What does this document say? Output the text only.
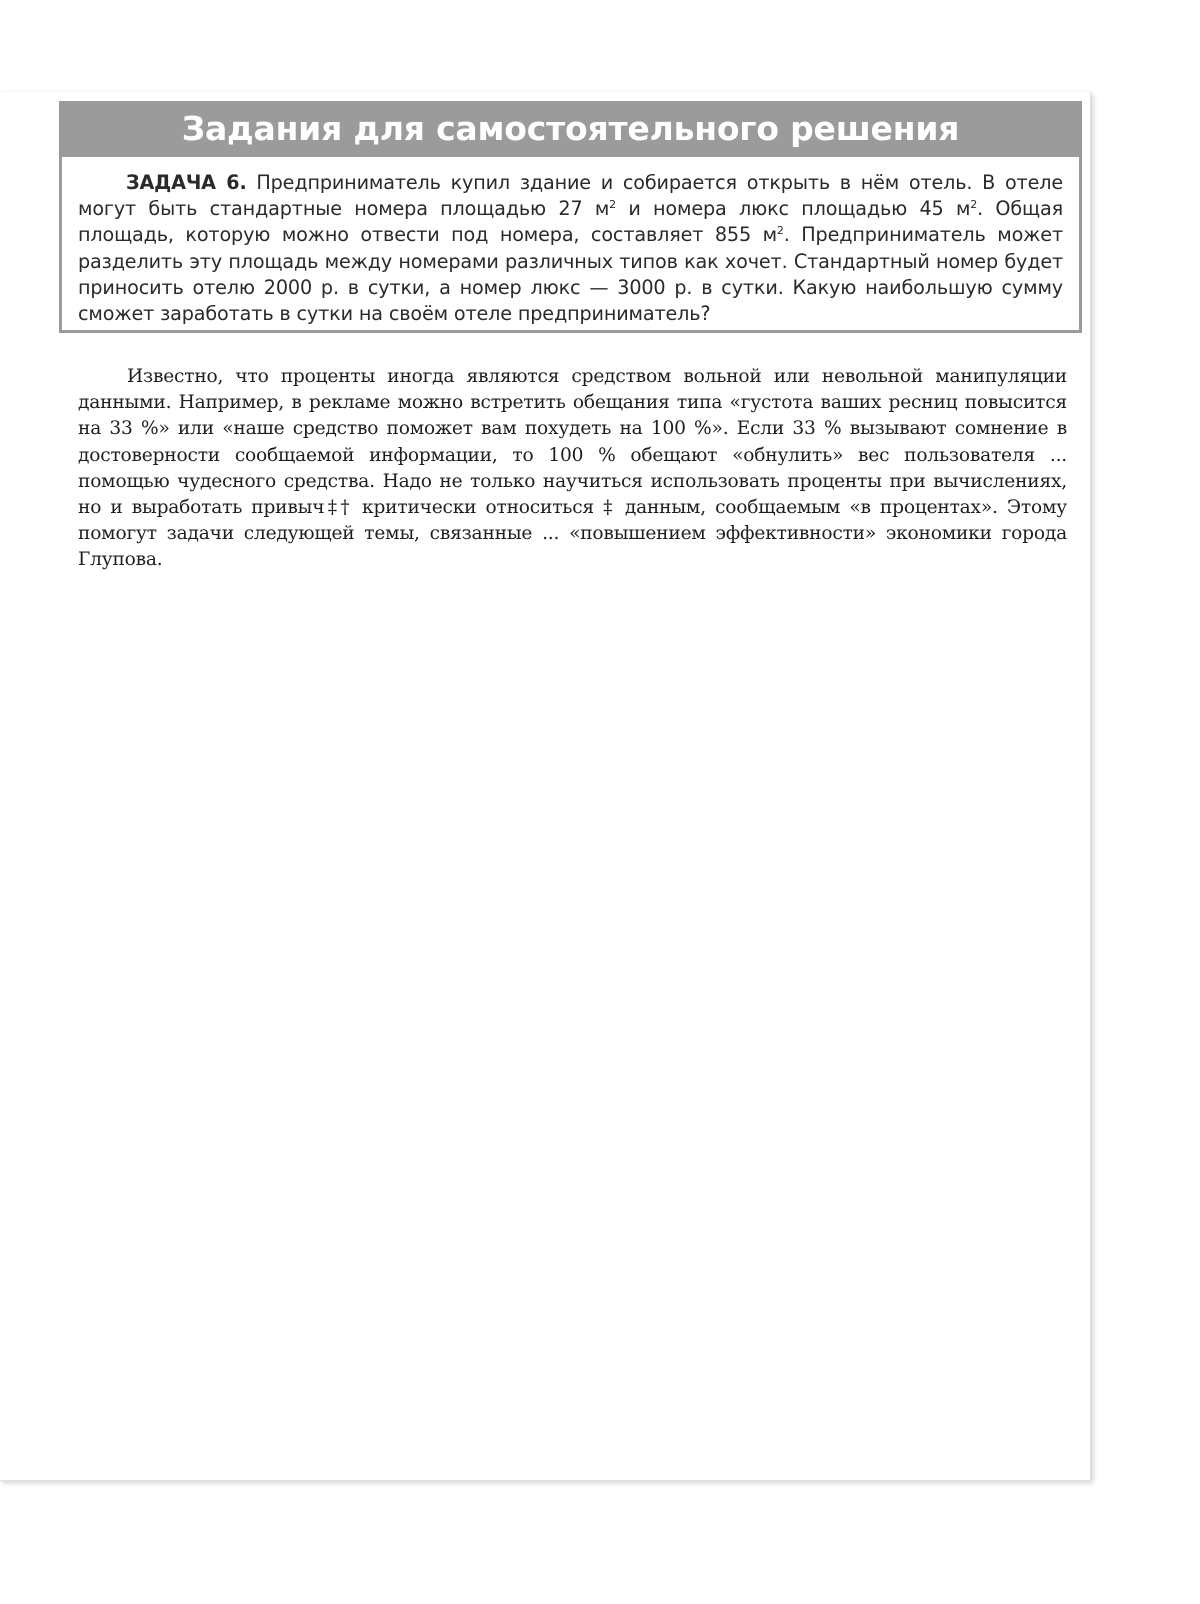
Задания для самостоятельного решения
ЗАДАЧА 6. Предприниматель купил здание и собирается открыть в нём отель. В отеле могут быть стандартные номера площадью 27 $м^2$ и номера люкс площадью 45 $м^2$. Общая площадь, которую можно отвести под номера, составляет 855 $м^2$. Предприниматель может разделить эту площадь между номерами различных типов как хочет. Стандартный номер будет приносить отелю 2000 р. в сутки, а номер люкс — 3000 р. в сутки. Какую наибольшую сумму сможет заработать в сутки на своём отеле предприниматель?
Известно, что проценты иногда являются средством вольной или невольной манипуляции данными. Например, в рекламе можно встретить обещания типа «густота ваших ресниц повысится на 33 %» или «наше средство поможет вам похудеть на 100 %». Если 33 % вызывают сомнение в достоверности сообщаемой информации, то 100 % обещают «обнулить» вес пользователя ... помощью чудесного средства. Надо не только научиться использовать проценты при вычислениях, но и выработать привыч‡† критически относиться ‡ данным, сообщаемым «в процентах». Этому помогут задачи следующей темы, связанные ... «повышением эффективности» экономики города Глупова.
